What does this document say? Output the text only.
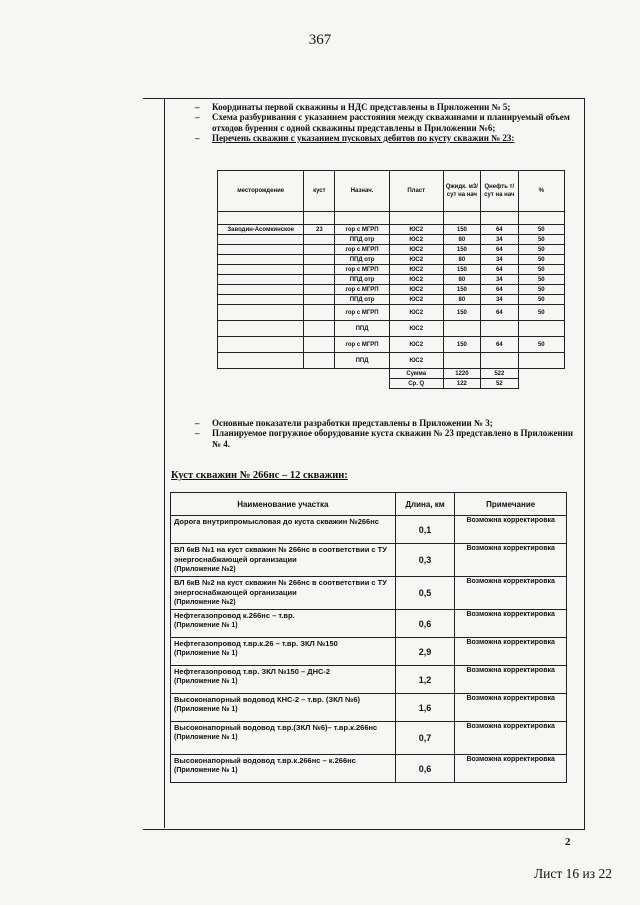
367
– Координаты первой скважины и НДС представлены в Приложении № 5;
– Схема разбуривания с указанием расстояния между скважинами и планируемый объем отходов бурения с одной скважины представлены в Приложении №6;
– Перечень скважин с указанием пусковых дебитов по кусту скважин № 23:
месторождение	куст	Назнач.	Пласт	Qжидк. м3/сут на нач	Qнефть т/сут на нач	%

Заводин-Асомкинское	23	гор с МГРП	ЮС2	150	64	50
		ППД отр	ЮС2	80	34	50
		гор с МГРП	ЮС2	150	64	50
		ППД отр	ЮС2	80	34	50
		гор с МГРП	ЮС2	150	64	50
		ППД отр	ЮС2	80	34	50
		гор с МГРП	ЮС2	150	64	50
		ППД отр	ЮС2	80	34	50
		гор с МГРП	ЮС2	150	64	50
		ППД	ЮС2			
		гор с МГРП	ЮС2	150	64	50
		ППД	ЮС2			
			Сумма	1220	522	
			Ср. Q	122	52	
– Основные показатели разработки представлены в Приложении № 3;
– Планируемое погружное оборудование куста скважин № 23 представлено в Приложении № 4.
Куст скважин № 266нс – 12 скважин:
Наименование участка	Длина, км	Примечание

Дорога внутрипромысловая до куста скважин №266нс	0,1	Возможна корректировка

ВЛ 6кВ №1 на куст скважин № 266нс в соответствии с ТУ энергоснабжающей организации
(Приложение №2)	0,3	Возможна корректировка

ВЛ 6кВ №2 на куст скважин № 266нс в соответствии с ТУ энергоснабжающей организации
(Приложение №2)	0,5	Возможна корректировка

Нефтегазопровод к.266нс – т.вр.
(Приложение № 1)	0,6	Возможна корректировка

Нефтегазопровод т.вр.к.26 – т.вр. ЗКЛ №150
(Приложение № 1)	2,9	Возможна корректировка

Нефтегазопровод т.вр. ЗКЛ №150 – ДНС-2
(Приложение № 1)	1,2	Возможна корректировка

Высоконапорный водовод КНС-2 – т.вр. (ЗКЛ №6)
(Приложение № 1)	1,6	Возможна корректировка

Высоконапорный водовод т.вр.(ЗКЛ №6)– т.вр.к.266нс
(Приложение № 1)	0,7	Возможна корректировка

Высоконапорный водовод т.вр.к.266нс – к.266нс
(Приложение № 1)	0,6	Возможна корректировка
2
Лист 16 из 22
